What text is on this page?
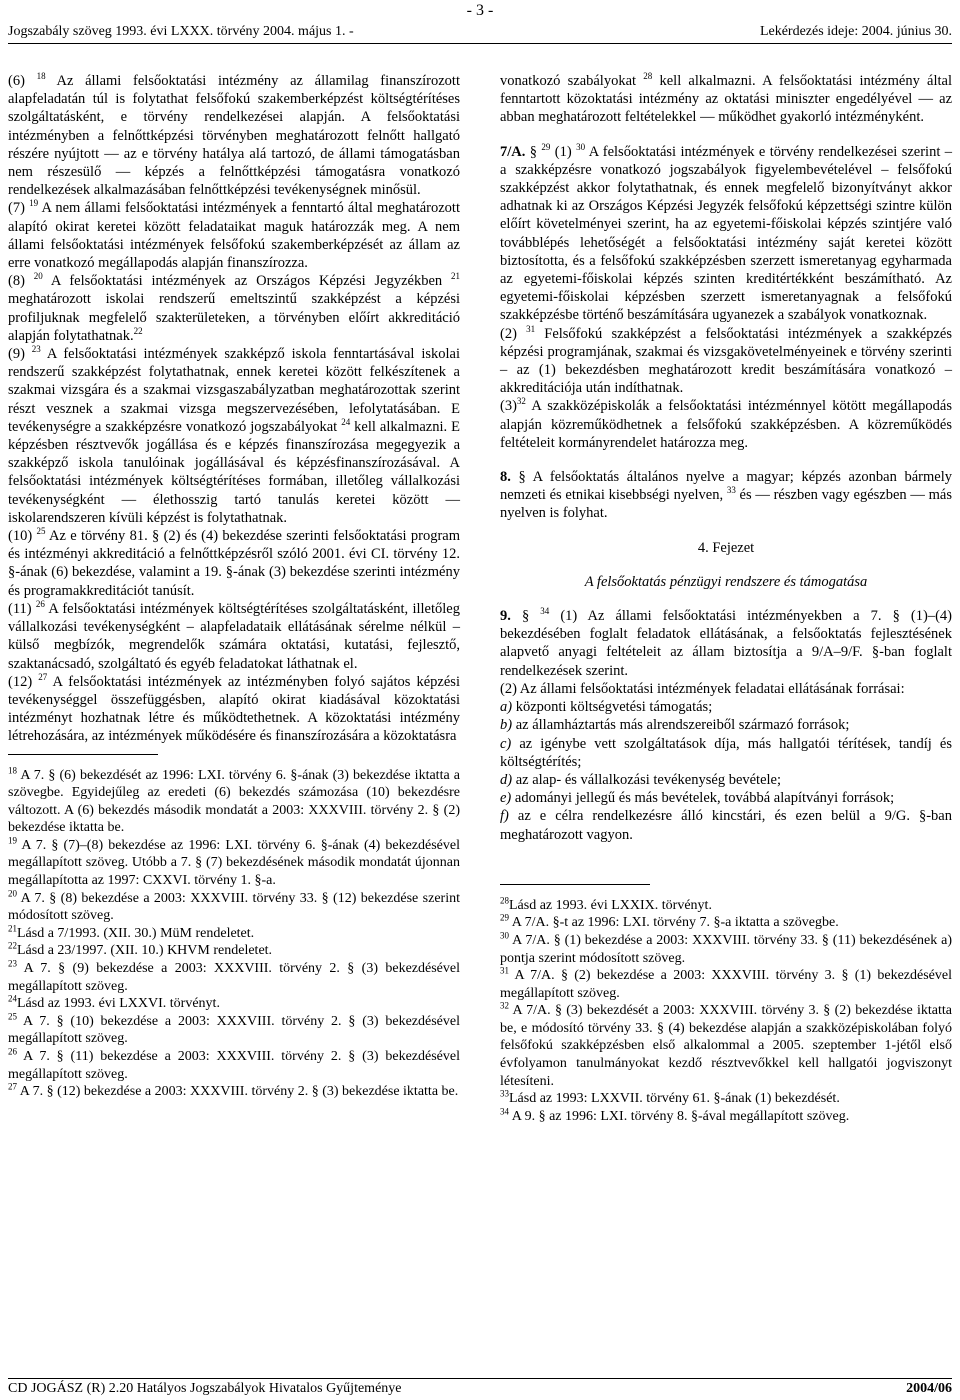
- 3 -
Jogszabály szöveg 1993. évi LXXX. törvény 2004. május 1. -	Lekérdezés ideje: 2004. június 30.

(6) $^{18}$ Az állami felsőoktatási intézmény az államilag finanszírozott alapfeladatán túl is folytathat felsőfokú szakemberképzést költségtérítéses szolgáltatásként, e törvény rendelkezései alapján. A felsőoktatási intézményben a felnőttképzési törvényben meghatározott felnőtt hallgató részére nyújtott — az e törvény hatálya alá tartozó, de állami támogatásban nem részesülő — képzés a felnőttképzési támogatásra vonatkozó rendelkezések alkalmazásában felnőttképzési tevékenységnek minősül.

(7) $^{19}$ A nem állami felsőoktatási intézmények a fenntartó által meghatározott alapító okirat keretei között feladataikat maguk határozzák meg. A nem állami felsőoktatási intézmények felsőfokú szakemberképzését az állam az erre vonatkozó megállapodás alapján finanszírozza.

(8) $^{20}$ A felsőoktatási intézmények az Országos Képzési Jegyzékben $^{21}$ meghatározott iskolai rendszerű emeltszintű szakképzést a képzési profiljuknak megfelelő szakterületeken, a törvényben előírt akkreditáció alapján folytathatnak.$^{22}$

(9) $^{23}$ A felsőoktatási intézmények szakképző iskola fenntartásával iskolai rendszerű szakképzést folytathatnak, ennek keretei között felkészítenek a szakmai vizsgára és a szakmai vizsgaszabályzatban meghatározottak szerint részt vesznek a szakmai vizsga megszervezésében, lefolytatásában. E tevékenységre a szakképzésre vonatkozó jogszabályokat $^{24}$ kell alkalmazni. E képzésben résztvevők jogállása és e képzés finanszírozása megegyezik a szakképző iskola tanulóinak jogállásával és képzésfinanszírozásával. A felsőoktatási intézmények költségtérítéses formában, illetőleg vállalkozási tevékenységként — élethosszig tartó tanulás keretei között — iskolarendszeren kívüli képzést is folytathatnak.

(10) $^{25}$ Az e törvény 81. § (2) és (4) bekezdése szerinti felsőoktatási program és intézményi akkreditáció a felnőttképzésről szóló 2001. évi CI. törvény 12. §-ának (6) bekezdése, valamint a 19. §-ának (3) bekezdése szerinti intézmény és programakkreditációt tanúsít.

(11) $^{26}$ A felsőoktatási intézmények költségtérítéses szolgáltatásként, illetőleg vállalkozási tevékenységként – alapfeladataik ellátásának sérelme nélkül – külső megbízók, megrendelők számára oktatási, kutatási, fejlesztő, szaktanácsadó, szolgáltató és egyéb feladatokat láthatnak el.

(12) $^{27}$ A felsőoktatási intézmények az intézményben folyó sajátos képzési tevékenységgel összefüggésben, alapító okirat kiadásával közoktatási intézményt hozhatnak létre és működtethetnek. A közoktatási intézmény létrehozására, az intézmények működésére és finanszírozására a közoktatásra

$^{18}$ A 7. § (6) bekezdését az 1996: LXI. törvény 6. §-ának (3) bekezdése iktatta a szövegbe. Egyidejűleg az eredeti (6) bekezdés számozása (10) bekezdésre változott. A (6) bekezdés második mondatát a 2003: XXXVIII. törvény 2. § (2) bekezdése iktatta be.

$^{19}$ A 7. § (7)–(8) bekezdése az 1996: LXI. törvény 6. §-ának (4) bekezdésével megállapított szöveg. Utóbb a 7. § (7) bekezdésének második mondatát újonnan megállapította az 1997: CXXVI. törvény 1. §-a.

$^{20}$ A 7. § (8) bekezdése a 2003: XXXVIII. törvény 33. § (12) bekezdése szerint módosított szöveg.

$^{21}$Lásd a 7/1993. (XII. 30.) MüM rendeletet.

$^{22}$Lásd a 23/1997. (XII. 10.) KHVM rendeletet.

$^{23}$ A 7. § (9) bekezdése a 2003: XXXVIII. törvény 2. § (3) bekezdésével megállapított szöveg.

$^{24}$Lásd az 1993. évi LXXVI. törvényt.

$^{25}$ A 7. § (10) bekezdése a 2003: XXXVIII. törvény 2. § (3) bekezdésével megállapított szöveg.

$^{26}$ A 7. § (11) bekezdése a 2003: XXXVIII. törvény 2. § (3) bekezdésével megállapított szöveg.

$^{27}$ A 7. § (12) bekezdése a 2003: XXXVIII. törvény 2. § (3) bekezdése iktatta be.

vonatkozó szabályokat $^{28}$ kell alkalmazni. A felsőoktatási intézmény által fenntartott közoktatási intézmény az oktatási miniszter engedélyével — az abban meghatározott feltételekkel — működhet gyakorló intézményként.

7/A. § $^{29}$ (1) $^{30}$ A felsőoktatási intézmények e törvény rendelkezései szerint – a szakképzésre vonatkozó jogszabályok figyelembevételével – felsőfokú szakképzést akkor folytathatnak, és ennek megfelelő bizonyítványt akkor adhatnak ki az Országos Képzési Jegyzék felsőfokú képzettségi szintre külön előírt követelményei szerint, ha az egyetemi-főiskolai képzés szintjére való továbblépés lehetőségét a felsőoktatási intézmény saját keretei között biztosította, és a felsőfokú szakképzésben szerzett ismeretanyag egyharmada az egyetemi-főiskolai képzés szinten kreditértékként beszámítható. Az egyetemi-főiskolai képzésben szerzett ismeretanyagnak a felsőfokú szakképzésbe történő beszámítására ugyanezek a szabályok vonatkoznak.

(2) $^{31}$ Felsőfokú szakképzést a felsőoktatási intézmények a szakképzés képzési programjának, szakmai és vizsgakövetelményeinek e törvény szerinti – az (1) bekezdésben meghatározott kredit beszámítására vonatkozó – akkreditációja után indíthatnak.

$(3)^{32}$ A szakközépiskolák a felsőoktatási intézménnyel kötött megállapodás alapján közreműködhetnek a felsőfokú szakképzésben. A közreműködés feltételeit kormányrendelet határozza meg.

8. § A felsőoktatás általános nyelve a magyar; képzés azonban bármely nemzeti és etnikai kisebbségi nyelven, $^{33}$ és — részben vagy egészben — más nyelven is folyhat.

4. Fejezet

A felsőoktatás pénzügyi rendszere és támogatása

9. § $^{34}$ (1) Az állami felsőoktatási intézményekben a 7. § (1)–(4) bekezdésében foglalt feladatok ellátásának, a felsőoktatás fejlesztésének alapvető anyagi feltételeit az állam biztosítja a 9/A–9/F. §-ban foglalt rendelkezések szerint.

(2) Az állami felsőoktatási intézmények feladatai ellátásának forrásai:

a) központi költségvetési támogatás;

b) az államháztartás más alrendszereiből származó források;

c) az igénybe vett szolgáltatások díja, más hallgatói térítések, tandíj és költségtérítés;

d) az alap- és vállalkozási tevékenység bevétele;

e) adományi jellegű és más bevételek, továbbá alapítványi források;

f) az e célra rendelkezésre álló kincstári, és ezen belül a 9/G. §-ban meghatározott vagyon.

$^{28}$Lásd az 1993. évi LXXIX. törvényt.

$^{29}$ A 7/A. §-t az 1996: LXI. törvény 7. §-a iktatta a szövegbe.

$^{30}$ A 7/A. § (1) bekezdése a 2003: XXXVIII. törvény 33. § (11) bekezdésének a) pontja szerint módosított szöveg.

$^{31}$ A 7/A. § (2) bekezdése a 2003: XXXVIII. törvény 3. § (1) bekezdésével megállapított szöveg.

$^{32}$ A 7/A. § (3) bekezdését a 2003: XXXVIII. törvény 3. § (2) bekezdése iktatta be, e módosító törvény 33. § (4) bekezdése alapján a szakközépiskolában folyó felsőfokú szakképzésben első alkalommal a 2005. szeptember 1-jétől első évfolyamon tanulmányokat kezdő résztvevőkkel kell hallgatói jogviszonyt létesíteni.

$^{33}$Lásd az 1993: LXXVII. törvény 61. §-ának (1) bekezdését.

$^{34}$ A 9. § az 1996: LXI. törvény 8. §-ával megállapított szöveg.

CD JOGÁSZ (R) 2.20 Hatályos Jogszabályok Hivatalos Gyűjteménye	2004/06
